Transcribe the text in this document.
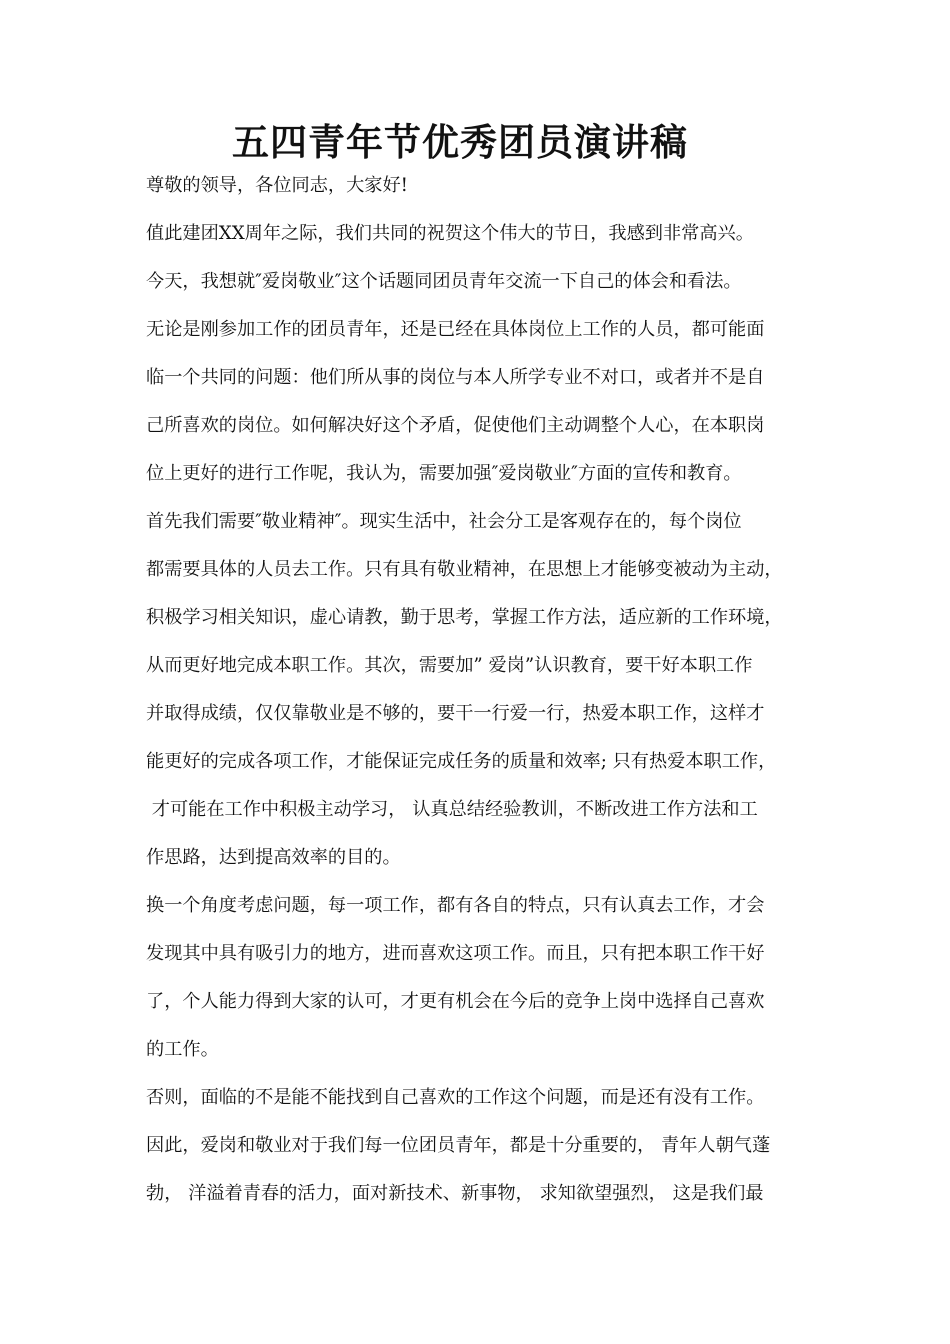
五四青年节优秀团员演讲稿

尊敬的领导，各位同志，大家好!

值此建团XX周年之际，我们共同的祝贺这个伟大的节日，我感到非常高兴。

今天，我想就″爱岗敬业″这个话题同团员青年交流一下自己的体会和看法。

无论是刚参加工作的团员青年，还是已经在具体岗位上工作的人员，都可能面

临一个共同的问题：他们所从事的岗位与本人所学专业不对口，或者并不是自

己所喜欢的岗位。如何解决好这个矛盾，促使他们主动调整个人心，在本职岗

位上更好的进行工作呢，我认为，需要加强″爱岗敬业″方面的宣传和教育。

首先我们需要″敬业精神″。现实生活中，社会分工是客观存在的，每个岗位

都需要具体的人员去工作。只有具有敬业精神，在思想上才能够变被动为主动，

积极学习相关知识，虚心请教，勤于思考，掌握工作方法，适应新的工作环境，

从而更好地完成本职工作。其次，需要加” 爱岗”认识教育，要干好本职工作

并取得成绩，仅仅靠敬业是不够的，要干一行爱一行，热爱本职工作，这样才

能更好的完成各项工作，才能保证完成任务的质量和效率; 只有热爱本职工作，

才可能在工作中积极主动学习， 认真总结经验教训，不断改进工作方法和工

作思路，达到提高效率的目的。

换一个角度考虑问题，每一项工作，都有各自的特点，只有认真去工作，才会

发现其中具有吸引力的地方，进而喜欢这项工作。而且，只有把本职工作干好

了，个人能力得到大家的认可，才更有机会在今后的竞争上岗中选择自己喜欢

的工作。

否则，面临的不是能不能找到自己喜欢的工作这个问题，而是还有没有工作。

因此，爱岗和敬业对于我们每一位团员青年，都是十分重要的， 青年人朝气蓬

勃， 洋溢着青春的活力，面对新技术、新事物， 求知欲望强烈， 这是我们最
